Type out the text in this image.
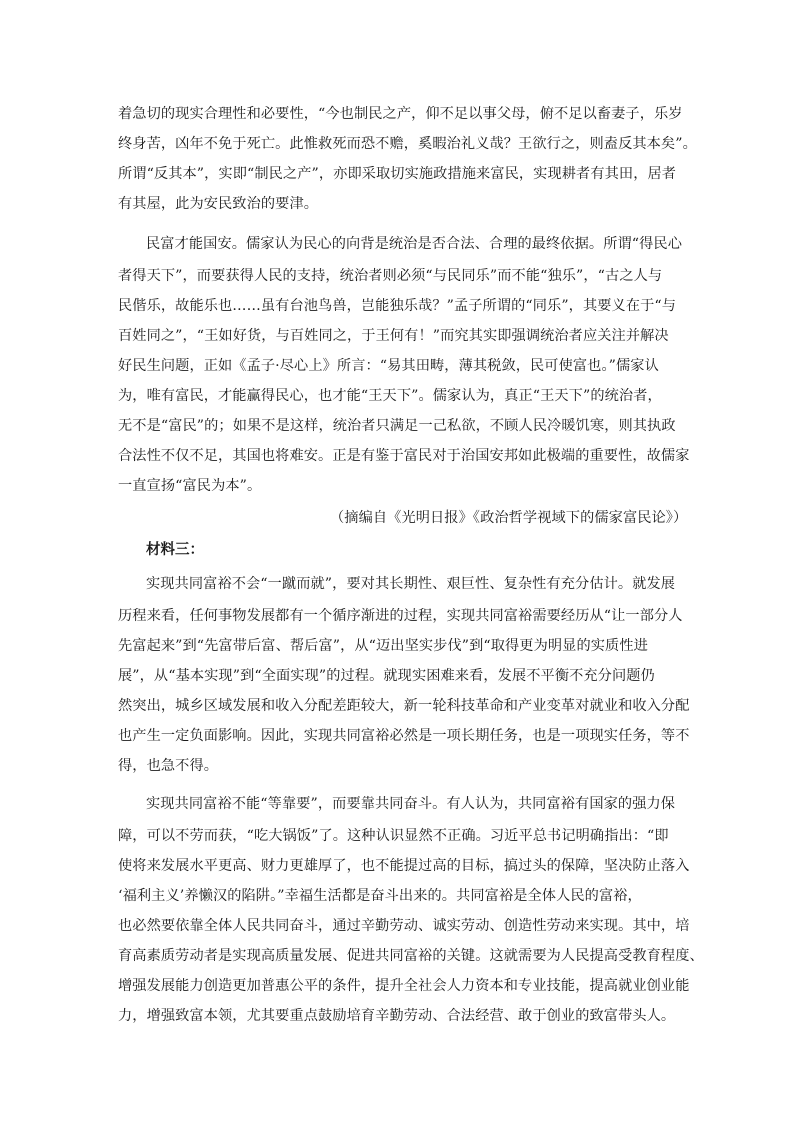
着急切的现实合理性和必要性，“今也制民之产，仰不足以事父母，俯不足以畜妻子，乐岁
终身苦，凶年不免于死亡。此惟救死而恐不赡，奚暇治礼义哉？王欲行之，则盍反其本矣”。
所谓“反其本”，实即“制民之产”，亦即采取切实施政措施来富民，实现耕者有其田，居者
有其屋，此为安民致治的要津。
民富才能国安。儒家认为民心的向背是统治是否合法、合理的最终依据。所谓“得民心
者得天下”，而要获得人民的支持，统治者则必须“与民同乐”而不能“独乐”，“古之人与
民偕乐，故能乐也……虽有台池鸟兽，岂能独乐哉？”孟子所谓的“同乐”，其要义在于“与
百姓同之”，“王如好货，与百姓同之，于王何有！”而究其实即强调统治者应关注并解决
好民生问题，正如《孟子·尽心上》所言：“易其田畴，薄其税敛，民可使富也。”儒家认
为，唯有富民，才能赢得民心，也才能“王天下”。儒家认为，真正“王天下”的统治者，
无不是“富民”的；如果不是这样，统治者只满足一己私欲，不顾人民冷暖饥寒，则其执政
合法性不仅不足，其国也将难安。正是有鉴于富民对于治国安邦如此极端的重要性，故儒家
一直宣扬“富民为本”。
（摘编自《光明日报》《政治哲学视域下的儒家富民论》）
材料三：
实现共同富裕不会“一蹴而就”，要对其长期性、艰巨性、复杂性有充分估计。就发展
历程来看，任何事物发展都有一个循序渐进的过程，实现共同富裕需要经历从“让一部分人
先富起来”到“先富带后富、帮后富”，从“迈出坚实步伐”到“取得更为明显的实质性进
展”，从“基本实现”到“全面实现”的过程。就现实困难来看，发展不平衡不充分问题仍
然突出，城乡区域发展和收入分配差距较大，新一轮科技革命和产业变革对就业和收入分配
也产生一定负面影响。因此，实现共同富裕必然是一项长期任务，也是一项现实任务，等不
得，也急不得。
实现共同富裕不能“等靠要”，而要靠共同奋斗。有人认为，共同富裕有国家的强力保
障，可以不劳而获，“吃大锅饭”了。这种认识显然不正确。习近平总书记明确指出：“即
使将来发展水平更高、财力更雄厚了，也不能提过高的目标，搞过头的保障，坚决防止落入
‘福利主义’养懒汉的陷阱。”幸福生活都是奋斗出来的。共同富裕是全体人民的富裕，
也必然要依靠全体人民共同奋斗，通过辛勤劳动、诚实劳动、创造性劳动来实现。其中，培
育高素质劳动者是实现高质量发展、促进共同富裕的关键。这就需要为人民提高受教育程度、
增强发展能力创造更加普惠公平的条件，提升全社会人力资本和专业技能，提高就业创业能
力，增强致富本领，尤其要重点鼓励培育辛勤劳动、合法经营、敢于创业的致富带头人。
